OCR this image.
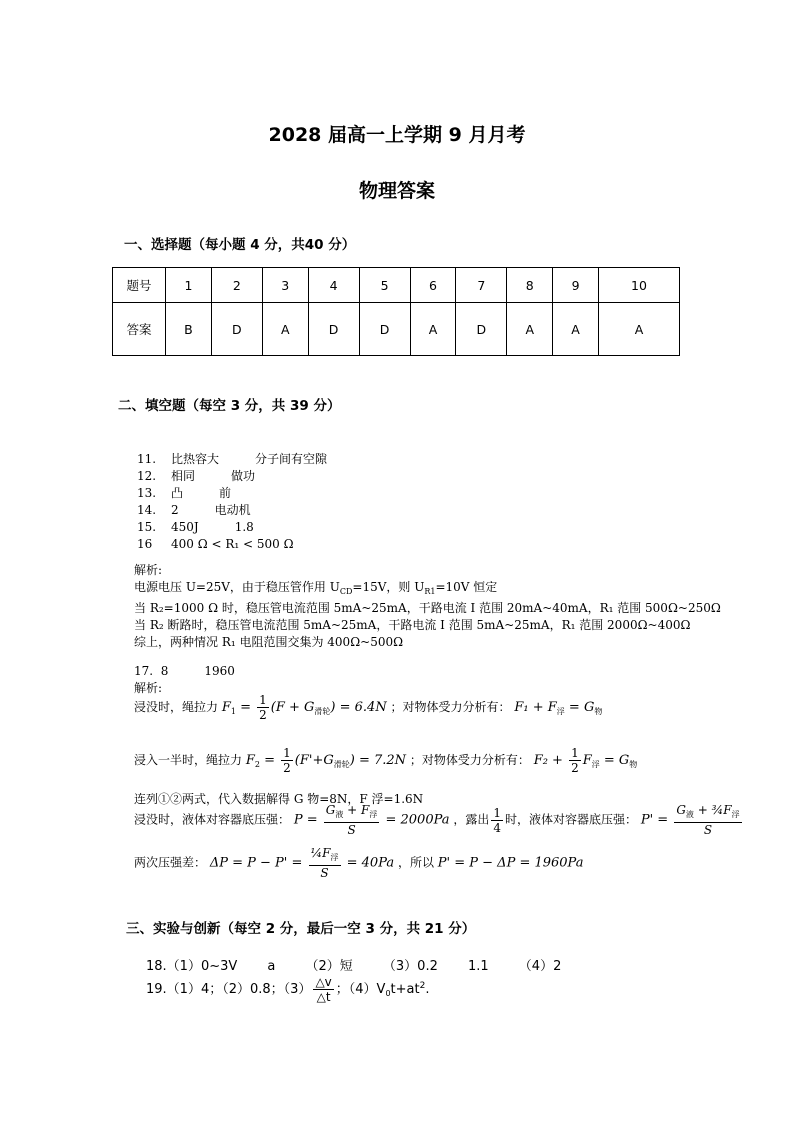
2028 届高一上学期 9 月月考
物理答案
一、选择题（每小题 4 分，共40 分）
题号	1	2	3	4	5	6	7	8	9	10
答案	B	D	A	D	D	A	D	A	A	A
二、填空题（每空 3 分，共 39 分）
11. 比热容大　　　分子间有空隙
12. 相同　　　做功
13. 凸　　　前
14. 2　　　电动机
15. 450J　　　1.8
16 400 Ω < R₁ < 500 Ω
解析:
电源电压 U=25V，由于稳压管作用 $U_{CD}=15V$，则 $U_{R1}=10V$ 恒定
当 R₂=1000 Ω 时，稳压管电流范围 5mA~25mA，干路电流 I 范围 20mA~40mA，R₁ 范围 500Ω~250Ω
当 R₂ 断路时，稳压管电流范围 5mA~25mA，干路电流 I 范围 5mA~25mA，R₁ 范围 2000Ω~400Ω
综上，两种情况 R₁ 电阻范围交集为 400Ω~500Ω
17. 8　　　1960
解析:
浸没时，绳拉力 $F_1 = \frac{1}{2} (F + G_{滑轮}) = 6.4N$ ；对物体受力分析有： $F_1 + F_浮 = G_物$
浸入一半时，绳拉力 $F_2 = \frac{1}{2} (F'+G_{滑轮}) = 7.2N$ ；对物体受力分析有： $F_2 + \frac{1}{2} F_浮 = G_物$
连列①②两式，代入数据解得 G 物=8N，F 浮=1.6N
浸没时，液体对容器底压强： $P = \frac{G_液 + F_浮}{S} = 2000Pa$ ，露出 $\frac{1}{4}$ 时，液体对容器底压强： $P' = \frac{G_液 + \frac{3}{4}F_浮}{S}$
两次压强差： $\Delta P = P - P' = \frac{\frac{1}{4}F_浮}{S} = 40Pa$ ，所以 P' = P − ΔP = 1960Pa
三、实验与创新（每空 2 分，最后一空 3 分，共 21 分）
18.（1）0~3V　　 a　　 （2）短　　 （3）0.2　　 1.1　　 （4）2
19.（1）4；（2）0.8；$(3) \frac{\triangle v}{\triangle t}$ ；$(4)V_0t+at^2$.
